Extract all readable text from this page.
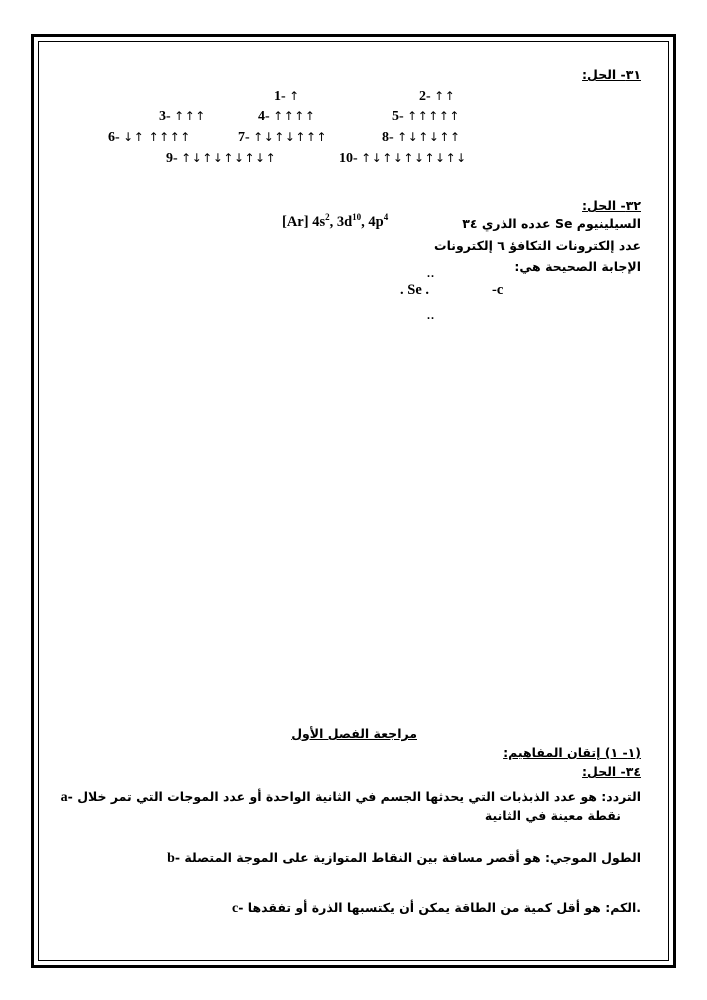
٣١- الحل:
1- ↑	2- ↑↑
3- ↑↑↑	4- ↑↑↑↑	5- ↑↑↑↑↑
6- ↓↑ ↑↑↑↑	7- ↑↓↑↓↑↑↑	8- ↑↓↑↓↑↑
9- ↑↓↑↓↑↓↑↓↑	10- ↑↓↑↓↑↓↑↓↑↓
٣٢- الحل:
السيلينيوم Se عدده الذري ٣٤
[Ar] $4s^2$, $3d^{10}$, $4p^4$
عدد إلكترونات التكافؤ ٦ إلكترونات
الإجابة الصحيحة هي:
..
. Se .	-c
..
مراجعة الفصل الأول
(١- ١) إتقان المفاهيم:
٣٤- الحل:
a- التردد: هو عدد الذبذبات التي يحدثها الجسم في الثانية الواحدة أو عدد الموجات التي تمر خلال
نقطة معينة في الثانية
b- الطول الموجي: هو أقصر مسافة بين النقاط المتوازية على الموجة المتصلة
c- الكم: هو أقل كمية من الطاقة يمكن أن يكتسبها الذرة أو تفقدها.
